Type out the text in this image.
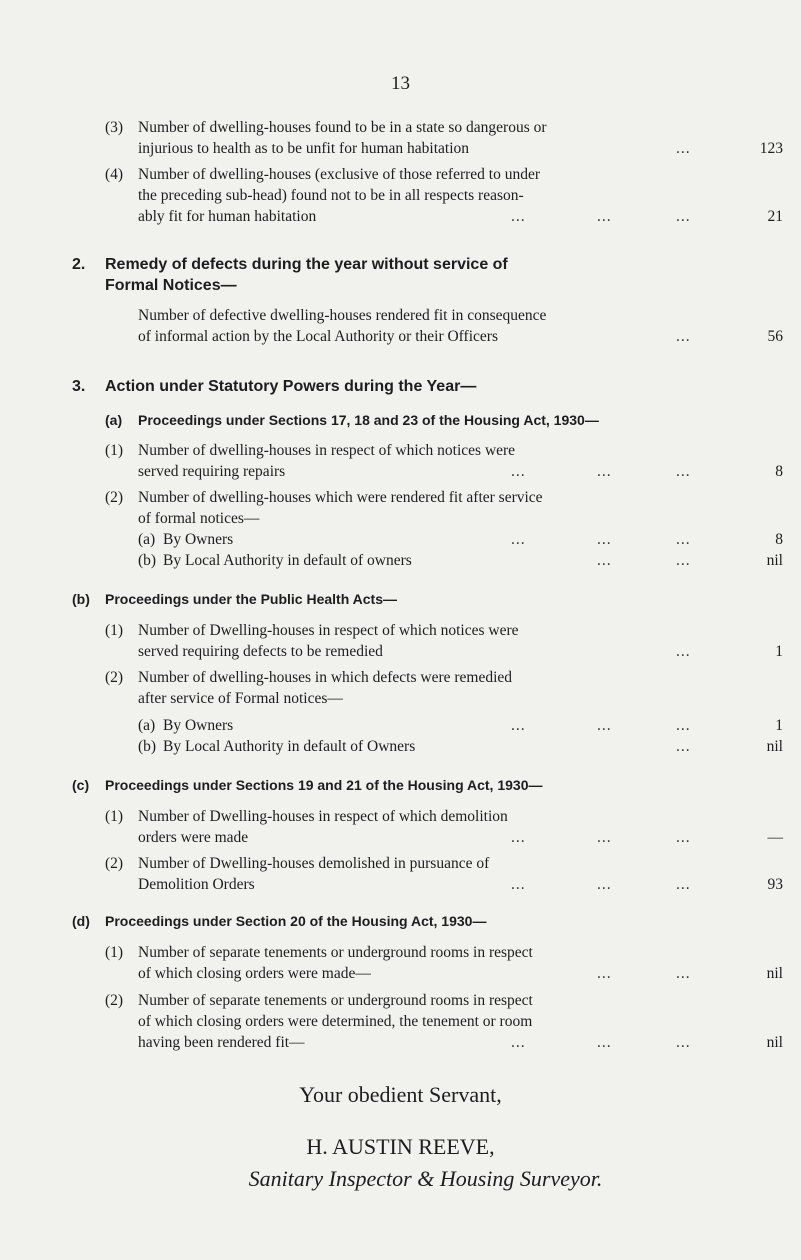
13
(3) Number of dwelling-houses found to be in a state so dangerous or
injurious to health as to be unfit for human habitation	...	123
(4) Number of dwelling-houses (exclusive of those referred to under
the preceding sub-head) found not to be in all respects reason-
ably fit for human habitation	...	...	...	21
2. Remedy of defects during the year without service of
Formal Notices—
Number of defective dwelling-houses rendered fit in consequence
of informal action by the Local Authority or their Officers	...	56
3. Action under Statutory Powers during the Year—
(a) Proceedings under Sections 17, 18 and 23 of the Housing Act, 1930—
(1) Number of dwelling-houses in respect of which notices were
served requiring repairs	...	...	...	8
(2) Number of dwelling-houses which were rendered fit after service
of formal notices—
(a) By Owners	...	...	...	8
(b) By Local Authority in default of owners	...	...	nil
(b) Proceedings under the Public Health Acts—
(1) Number of Dwelling-houses in respect of which notices were
served requiring defects to be remedied	...	1
(2) Number of dwelling-houses in which defects were remedied
after service of Formal notices—
(a) By Owners	...	...	...	1
(b) By Local Authority in default of Owners	...	nil
(c) Proceedings under Sections 19 and 21 of the Housing Act, 1930—
(1) Number of Dwelling-houses in respect of which demolition
orders were made	...	...	...	—
(2) Number of Dwelling-houses demolished in pursuance of
Demolition Orders	...	...	...	93
(d) Proceedings under Section 20 of the Housing Act, 1930—
(1) Number of separate tenements or underground rooms in respect
of which closing orders were made—	...	...	nil
(2) Number of separate tenements or underground rooms in respect
of which closing orders were determined, the tenement or room
having been rendered fit—	...	...	...	nil
Your obedient Servant,
H. AUSTIN REEVE,
Sanitary Inspector & Housing Surveyor.
